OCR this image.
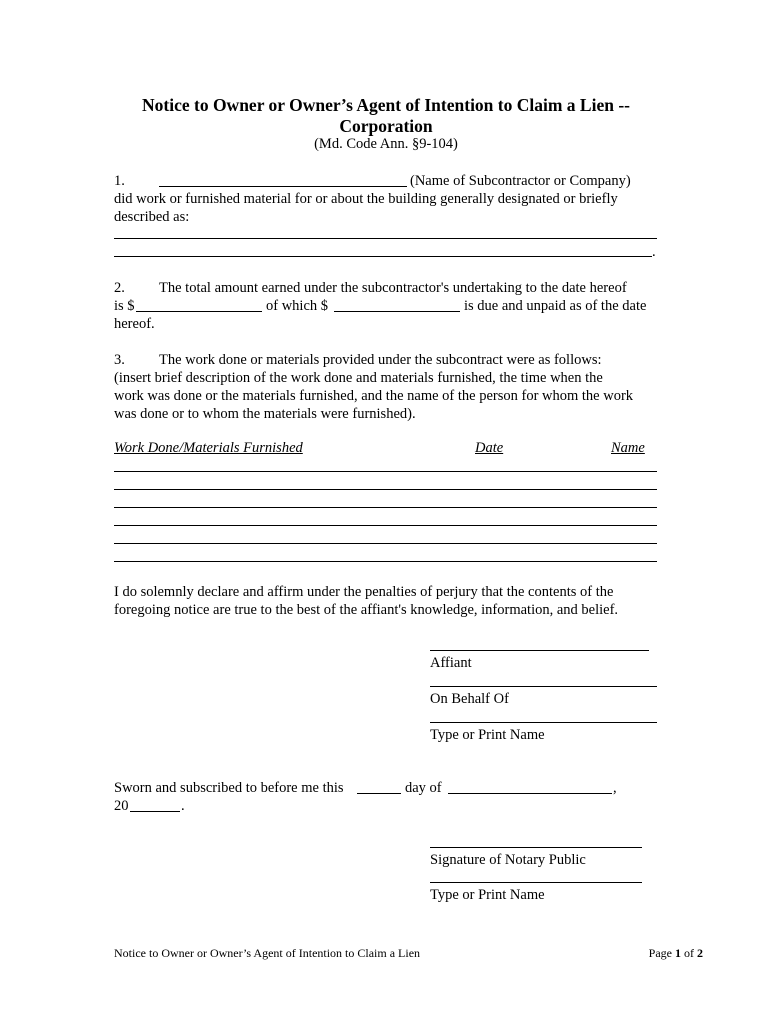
Notice to Owner or Owner’s Agent of Intention to Claim a Lien --
Corporation
(Md. Code Ann. §9-104)
1.	(Name of Subcontractor or Company)
did work or furnished material for or about the building generally designated or briefly
described as:
.
2. The total amount earned under the subcontractor's undertaking to the date hereof
is $	of which $	is due and unpaid as of the date
hereof.
3. The work done or materials provided under the subcontract were as follows:
(insert brief description of the work done and materials furnished, the time when the
work was done or the materials furnished, and the name of the person for whom the work
was done or to whom the materials were furnished).
Work Done/Materials Furnished	Date	Name
I do solemnly declare and affirm under the penalties of perjury that the contents of the
foregoing notice are true to the best of the affiant's knowledge, information, and belief.
Affiant
On Behalf Of
Type or Print Name
Sworn and subscribed to before me this	day of	,
20	.
Signature of Notary Public
Type or Print Name
Notice to Owner or Owner’s Agent of Intention to Claim a Lien	Page 1 of 2
